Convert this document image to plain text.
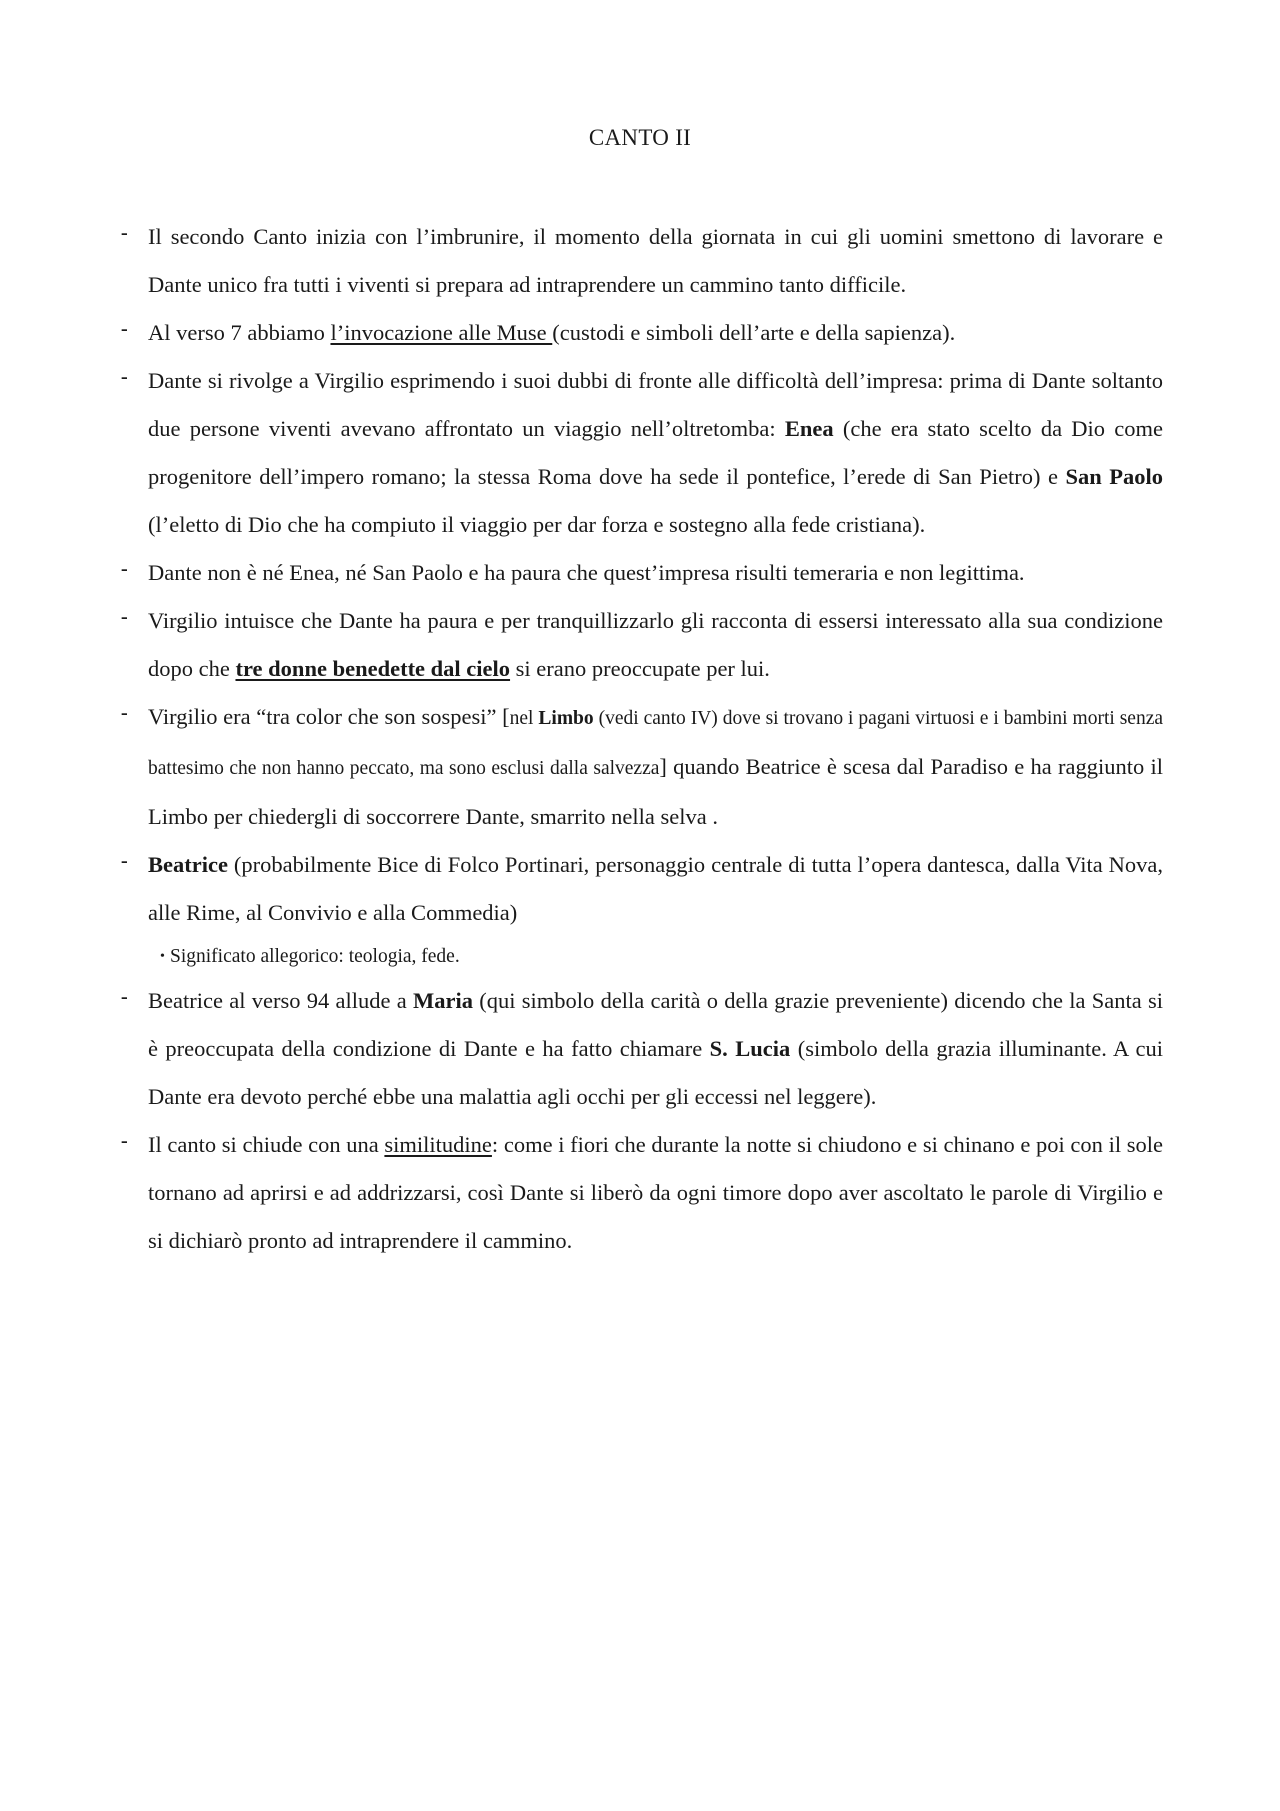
CANTO II
- Il secondo Canto inizia con l’imbrunire, il momento della giornata in cui gli uomini smettono di lavorare e Dante unico fra tutti i viventi si prepara ad intraprendere un cammino tanto difficile.
- Al verso 7 abbiamo l’invocazione alle Muse (custodi e simboli dell’arte e della sapienza).
- Dante si rivolge a Virgilio esprimendo i suoi dubbi di fronte alle difficoltà dell’impresa: prima di Dante soltanto due persone viventi avevano affrontato un viaggio nell’oltretomba: Enea (che era stato scelto da Dio come progenitore dell’impero romano; la stessa Roma dove ha sede il pontefice, l’erede di San Pietro) e San Paolo (l’eletto di Dio che ha compiuto il viaggio per dar forza e sostegno alla fede cristiana).
- Dante non è né Enea, né San Paolo e ha paura che quest’impresa risulti temeraria e non legittima.
- Virgilio intuisce che Dante ha paura e per tranquillizzarlo gli racconta di essersi interessato alla sua condizione dopo che tre donne benedette dal cielo si erano preoccupate per lui.
- Virgilio era “tra color che son sospesi” [nel Limbo (vedi canto IV) dove si trovano i pagani virtuosi e i bambini morti senza battesimo che non hanno peccato, ma sono esclusi dalla salvezza] quando Beatrice è scesa dal Paradiso e ha raggiunto il Limbo per chiedergli di soccorrere Dante, smarrito nella selva .
- Beatrice (probabilmente Bice di Folco Portinari, personaggio centrale di tutta l’opera dantesca, dalla Vita Nova, alle Rime, al Convivio e alla Commedia)
• Significato allegorico: teologia, fede.
- Beatrice al verso 94 allude a Maria (qui simbolo della carità o della grazie preveniente) dicendo che la Santa si è preoccupata della condizione di Dante e ha fatto chiamare S. Lucia (simbolo della grazia illuminante. A cui Dante era devoto perché ebbe una malattia agli occhi per gli eccessi nel leggere).
- Il canto si chiude con una similitudine: come i fiori che durante la notte si chiudono e si chinano e poi con il sole tornano ad aprirsi e ad addrizzarsi, così Dante si liberò da ogni timore dopo aver ascoltato le parole di Virgilio e si dichiarò pronto ad intraprendere il cammino.
